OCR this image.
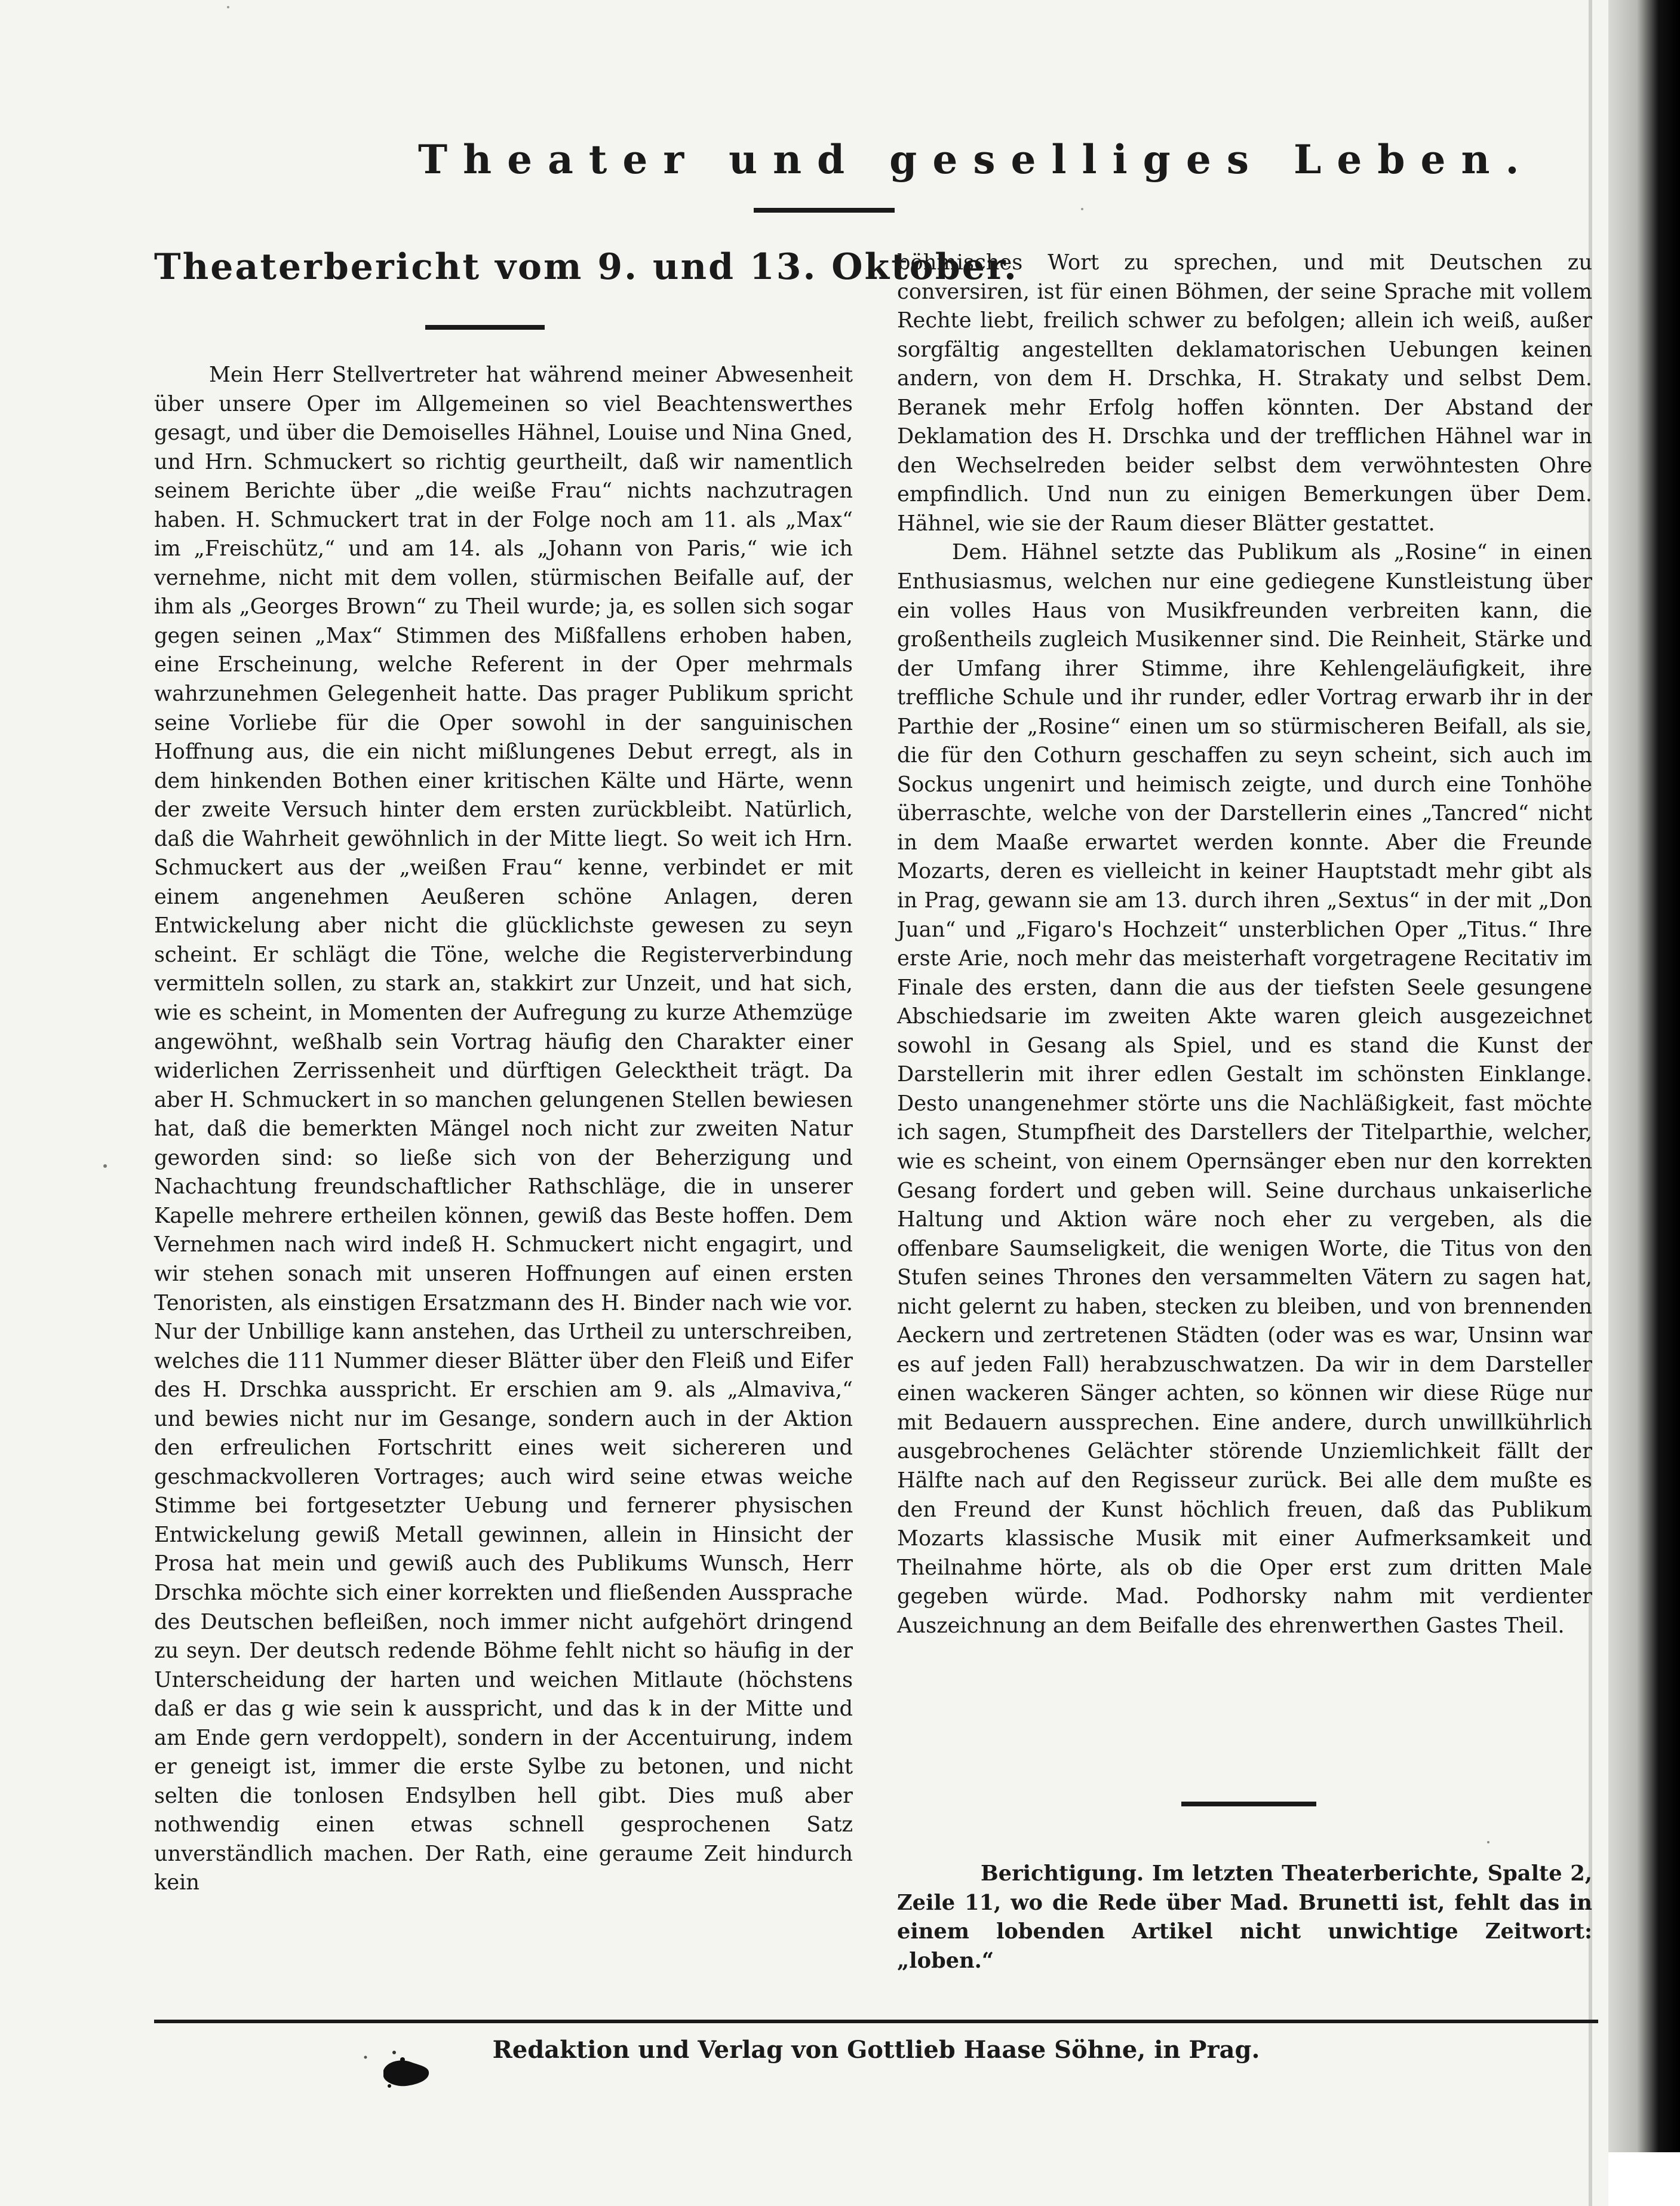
Theater und geselliges Leben.
Theaterbericht vom 9. und 13. Oktober.

Mein Herr Stellvertreter hat während meiner Abwesenheit über unsere Oper im Allgemeinen so viel Beachtenswerthes gesagt, und über die Demoiselles Hähnel, Louise und Nina Gned, und Hrn. Schmuckert so richtig geurtheilt, daß wir namentlich seinem Berichte über „die weiße Frau“ nichts nachzutragen haben. H. Schmuckert trat in der Folge noch am 11. als „Max“ im „Freischütz,“ und am 14. als „Johann von Paris,“ wie ich vernehme, nicht mit dem vollen, stürmischen Beifalle auf, der ihm als „Georges Brown“ zu Theil wurde; ja, es sollen sich sogar gegen seinen „Max“ Stimmen des Mißfallens erhoben haben, eine Erscheinung, welche Referent in der Oper mehrmals wahrzunehmen Gelegenheit hatte. Das prager Publikum spricht seine Vorliebe für die Oper sowohl in der sanguinischen Hoffnung aus, die ein nicht mißlungenes Debut erregt, als in dem hinkenden Bothen einer kritischen Kälte und Härte, wenn der zweite Versuch hinter dem ersten zurückbleibt. Natürlich, daß die Wahrheit gewöhnlich in der Mitte liegt. So weit ich Hrn. Schmuckert aus der „weißen Frau“ kenne, verbindet er mit einem angenehmen Aeußeren schöne Anlagen, deren Entwickelung aber nicht die glücklichste gewesen zu seyn scheint. Er schlägt die Töne, welche die Registerverbindung vermitteln sollen, zu stark an, stakkirt zur Unzeit, und hat sich, wie es scheint, in Momenten der Aufregung zu kurze Athemzüge angewöhnt, weßhalb sein Vortrag häufig den Charakter einer widerlichen Zerrissenheit und dürftigen Gelecktheit trägt. Da aber H. Schmuckert in so manchen gelungenen Stellen bewiesen hat, daß die bemerkten Mängel noch nicht zur zweiten Natur geworden sind: so ließe sich von der Beherzigung und Nachachtung freundschaftlicher Rathschläge, die in unserer Kapelle mehrere ertheilen können, gewiß das Beste hoffen. Dem Vernehmen nach wird indeß H. Schmuckert nicht engagirt, und wir stehen sonach mit unseren Hoffnungen auf einen ersten Tenoristen, als einstigen Ersatzmann des H. Binder nach wie vor. Nur der Unbillige kann anstehen, das Urtheil zu unterschreiben, welches die 111 Nummer dieser Blätter über den Fleiß und Eifer des H. Drschka ausspricht. Er erschien am 9. als „Almaviva,“ und bewies nicht nur im Gesange, sondern auch in der Aktion den erfreulichen Fortschritt eines weit sichereren und geschmackvolleren Vortrages; auch wird seine etwas weiche Stimme bei fortgesetzter Uebung und fernerer physischen Entwickelung gewiß Metall gewinnen, allein in Hinsicht der Prosa hat mein und gewiß auch des Publikums Wunsch, Herr Drschka möchte sich einer korrekten und fließenden Aussprache des Deutschen befleißen, noch immer nicht aufgehört dringend zu seyn. Der deutsch redende Böhme fehlt nicht so häufig in der Unterscheidung der harten und weichen Mitlaute (höchstens daß er das g wie sein k ausspricht, und das k in der Mitte und am Ende gern verdoppelt), sondern in der Accentuirung, indem er geneigt ist, immer die erste Sylbe zu betonen, und nicht selten die tonlosen Endsylben hell gibt. Dies muß aber nothwendig einen etwas schnell gesprochenen Satz unverständlich machen. Der Rath, eine geraume Zeit hindurch kein

böhmisches Wort zu sprechen, und mit Deutschen zu conversiren, ist für einen Böhmen, der seine Sprache mit vollem Rechte liebt, freilich schwer zu befolgen; allein ich weiß, außer sorgfältig angestellten deklamatorischen Uebungen keinen andern, von dem H. Drschka, H. Strakaty und selbst Dem. Beranek mehr Erfolg hoffen könnten. Der Abstand der Deklamation des H. Drschka und der trefflichen Hähnel war in den Wechselreden beider selbst dem verwöhntesten Ohre empfindlich. Und nun zu einigen Bemerkungen über Dem. Hähnel, wie sie der Raum dieser Blätter gestattet.

Dem. Hähnel setzte das Publikum als „Rosine“ in einen Enthusiasmus, welchen nur eine gediegene Kunstleistung über ein volles Haus von Musikfreunden verbreiten kann, die großentheils zugleich Musikenner sind. Die Reinheit, Stärke und der Umfang ihrer Stimme, ihre Kehlengeläufigkeit, ihre treffliche Schule und ihr runder, edler Vortrag erwarb ihr in der Parthie der „Rosine“ einen um so stürmischeren Beifall, als sie, die für den Cothurn geschaffen zu seyn scheint, sich auch im Sockus ungenirt und heimisch zeigte, und durch eine Tonhöhe überraschte, welche von der Darstellerin eines „Tancred“ nicht in dem Maaße erwartet werden konnte. Aber die Freunde Mozarts, deren es vielleicht in keiner Hauptstadt mehr gibt als in Prag, gewann sie am 13. durch ihren „Sextus“ in der mit „Don Juan“ und „Figaro's Hochzeit“ unsterblichen Oper „Titus.“ Ihre erste Arie, noch mehr das meisterhaft vorgetragene Recitativ im Finale des ersten, dann die aus der tiefsten Seele gesungene Abschiedsarie im zweiten Akte waren gleich ausgezeichnet sowohl in Gesang als Spiel, und es stand die Kunst der Darstellerin mit ihrer edlen Gestalt im schönsten Einklange. Desto unangenehmer störte uns die Nachläßigkeit, fast möchte ich sagen, Stumpfheit des Darstellers der Titelparthie, welcher, wie es scheint, von einem Opernsänger eben nur den korrekten Gesang fordert und geben will. Seine durchaus unkaiserliche Haltung und Aktion wäre noch eher zu vergeben, als die offenbare Saumseligkeit, die wenigen Worte, die Titus von den Stufen seines Thrones den versammelten Vätern zu sagen hat, nicht gelernt zu haben, stecken zu bleiben, und von brennenden Aeckern und zertretenen Städten (oder was es war, Unsinn war es auf jeden Fall) herabzuschwatzen. Da wir in dem Darsteller einen wackeren Sänger achten, so können wir diese Rüge nur mit Bedauern aussprechen. Eine andere, durch unwillkührlich ausgebrochenes Gelächter störende Unziemlichkeit fällt der Hälfte nach auf den Regisseur zurück. Bei alle dem mußte es den Freund der Kunst höchlich freuen, daß das Publikum Mozarts klassische Musik mit einer Aufmerksamkeit und Theilnahme hörte, als ob die Oper erst zum dritten Male gegeben würde. Mad. Podhorsky nahm mit verdienter Auszeichnung an dem Beifalle des ehrenwerthen Gastes Theil.

Berichtigung. Im letzten Theaterberichte, Spalte 2, Zeile 11, wo die Rede über Mad. Brunetti ist, fehlt das in einem lobenden Artikel nicht unwichtige Zeitwort: „loben.“
Redaktion und Verlag von Gottlieb Haase Söhne, in Prag.
